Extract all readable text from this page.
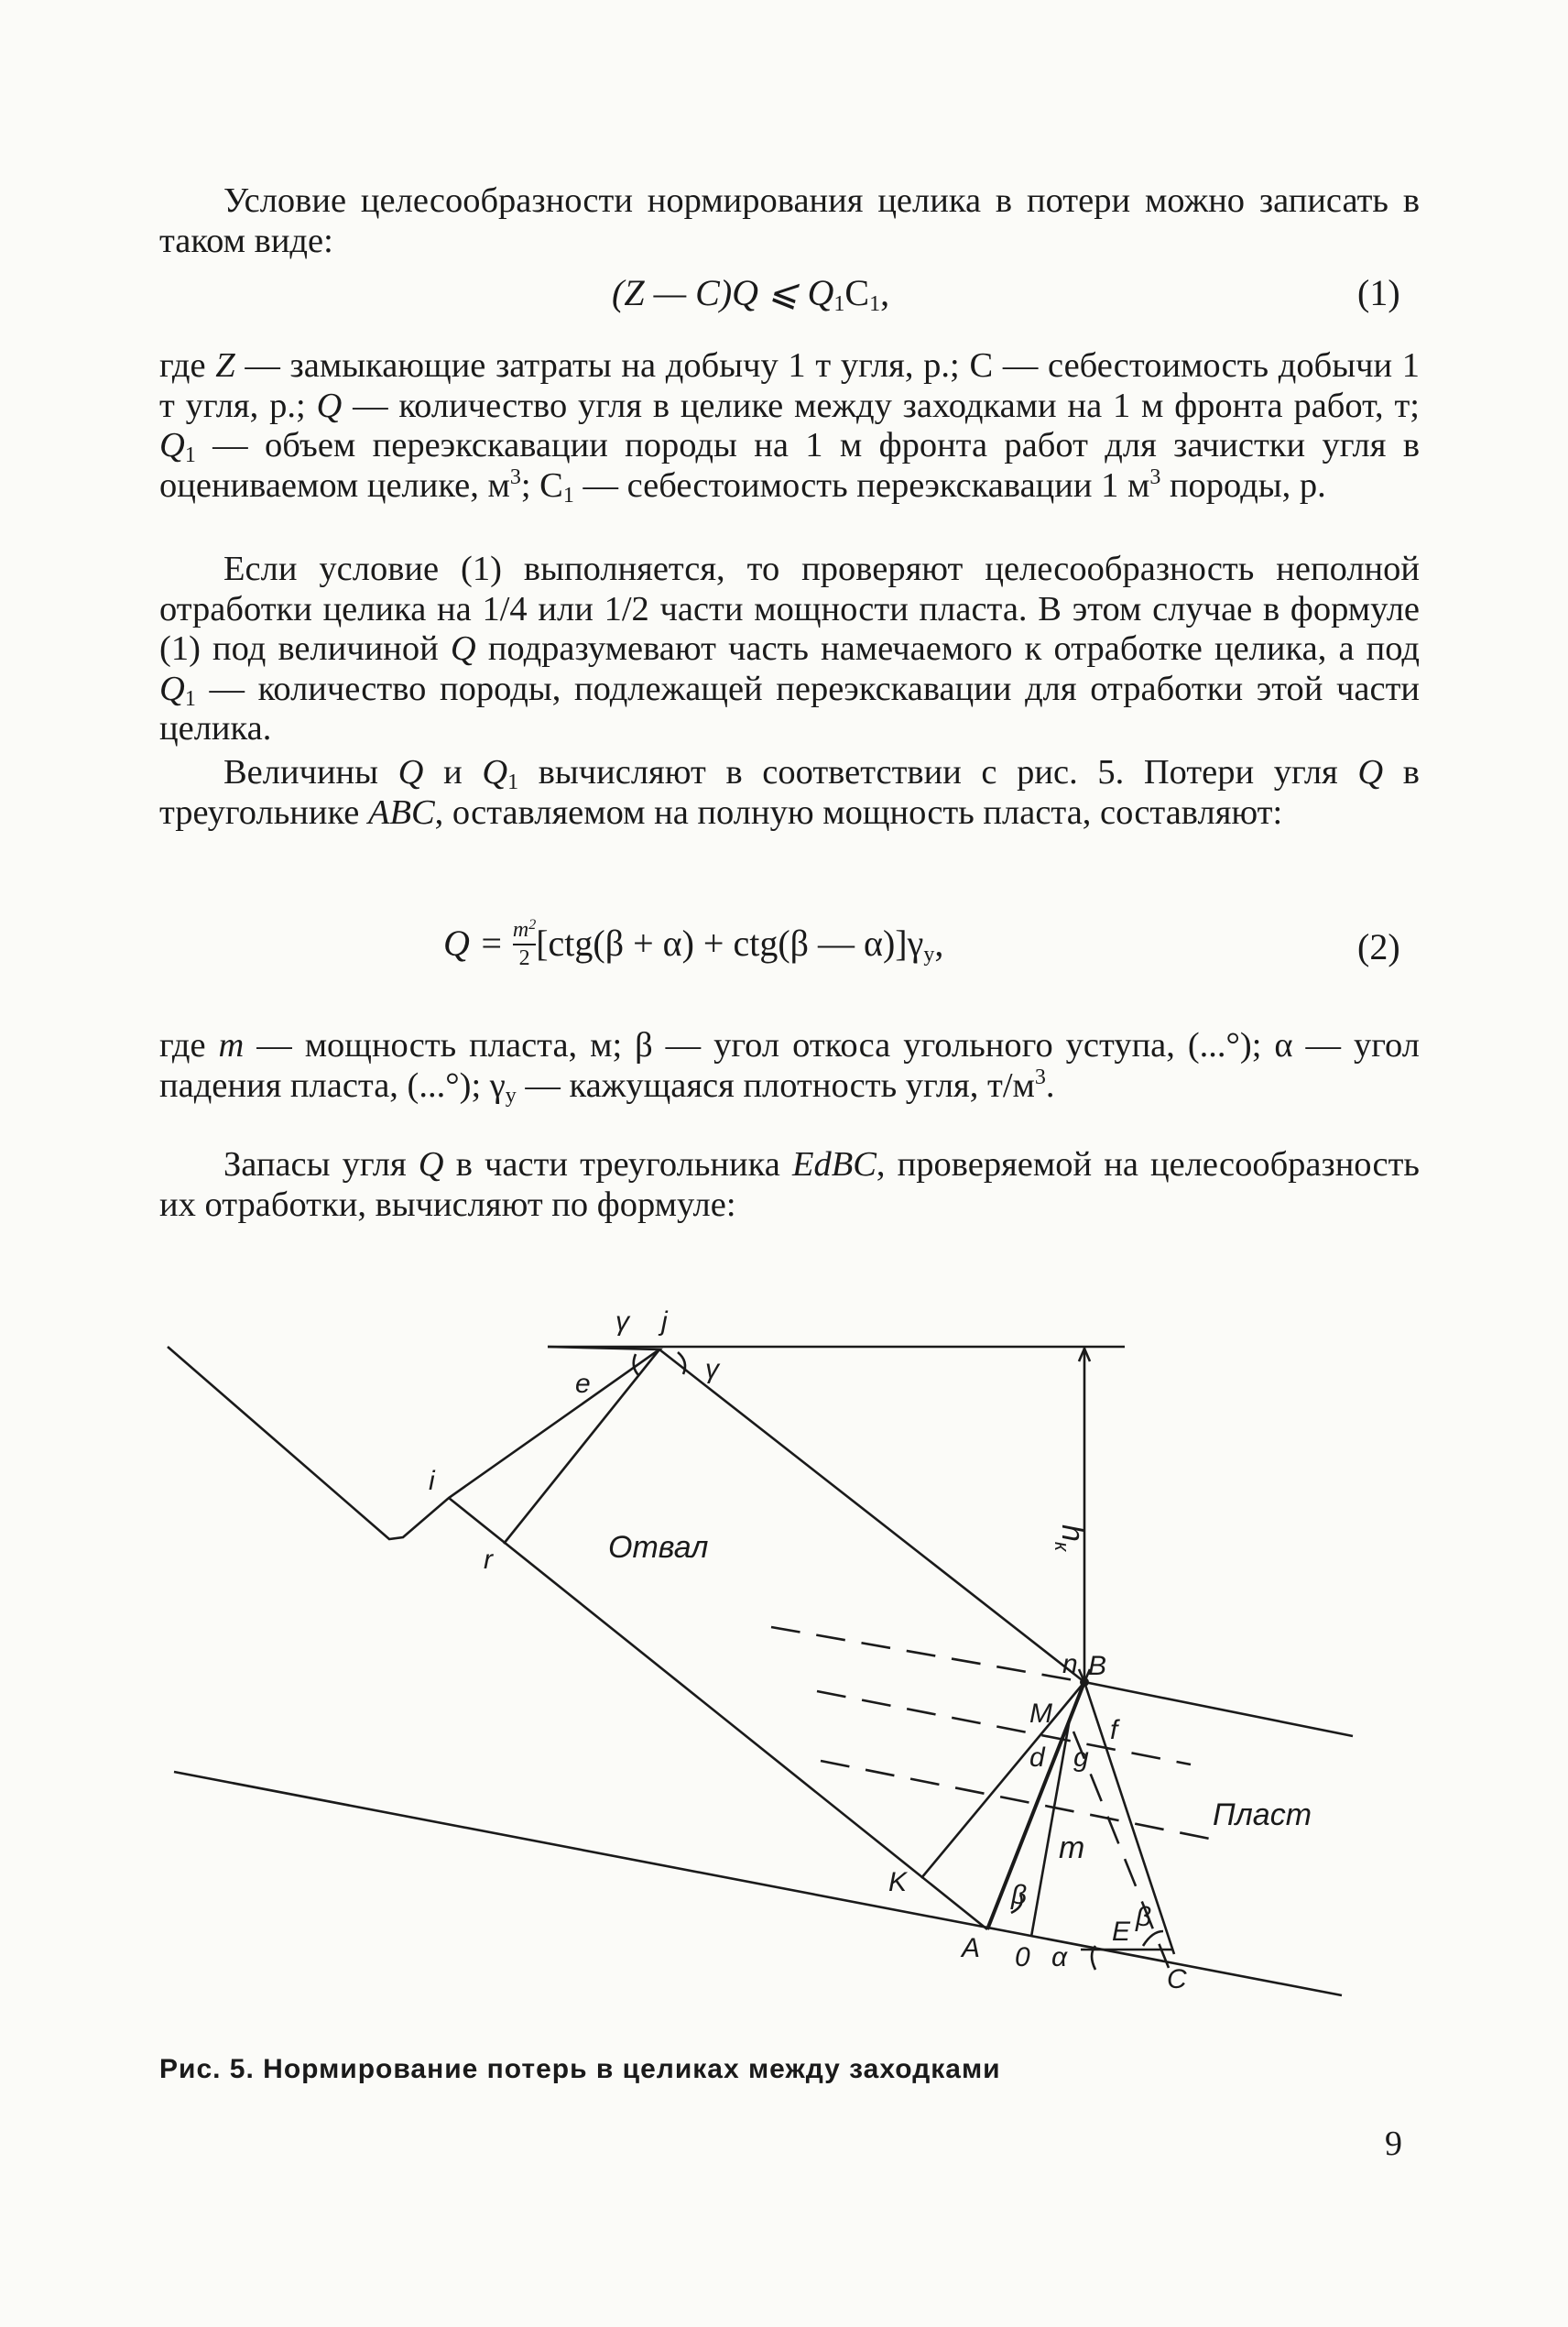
Условие целесообразности нормирования целика в потери можно записать в таком виде:

(Z — C)Q ⩽ $Q_1C_1$,	(1)

где Z — замыкающие затраты на добычу 1 т угля, р.; С — себестоимость добычи 1 т угля, р.; Q — количество угля в целике между заходками на 1 м фронта работ, т; $Q_1$ — объем переэкскавации породы на 1 м фронта работ для зачистки угля в оцениваемом целике, $м^3$; $С_1$ — себестоимость переэкскавации 1 $м^3$ породы, р.

Если условие (1) выполняется, то проверяют целесообразность неполной отработки целика на 1/4 или 1/2 части мощности пласта. В этом случае в формуле (1) под величиной Q подразумевают часть намечаемого к отработке целика, а под $Q_1$ — количество породы, подлежащей переэкскавации для отработки этой части целика.

Величины Q и $Q_1$ вычисляют в соответствии с рис. 5. Потери угля Q в треугольнике ABC, оставляемом на полную мощность пласта, составляют:

$Q = \frac{m^2}{2} [ctg(\beta + \alpha) + ctg(\beta$ — $\alpha)]\gamma_у$,	(2)

где m — мощность пласта, м; β — угол откоса угольного уступа, (...°); α — угол падения пласта, (...°); $\gamma_у$ — кажущаяся плотность угля, $т/м^3$.

Запасы угля Q в части треугольника EdBC, проверяемой на целесообразность их отработки, вычисляют по формуле:

γ j
γ
e
i
r	Отвал	$h_к$
n B
M
f
d g
Пласт
m
K	β
A 0 α
E β
C
Рис. 5. Нормирование потерь в целиках между заходками
9
